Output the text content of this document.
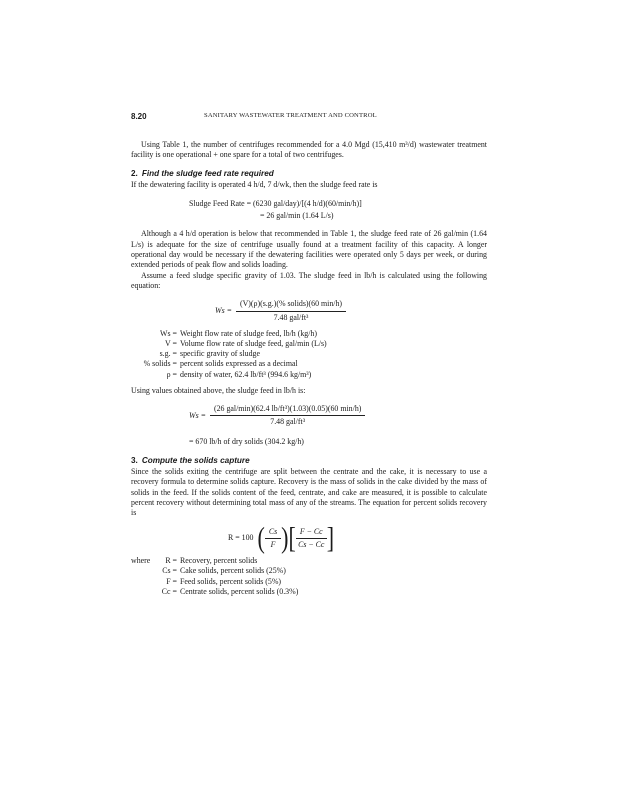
8.20	SANITARY WASTEWATER TREATMENT AND CONTROL

Using Table 1, the number of centrifuges recommended for a 4.0 Mgd (15,410 m³/d) wastewater treatment facility is one operational + one spare for a total of two centrifuges.

2. Find the sludge feed rate required

If the dewatering facility is operated 4 h/d, 7 d/wk, then the sludge feed rate is

Sludge Feed Rate = (6230 gal/day)/[(4 h/d)(60/min/h)]
= 26 gal/min (1.64 L/s)

Although a 4 h/d operation is below that recommended in Table 1, the sludge feed rate of 26 gal/min (1.64 L/s) is adequate for the size of centrifuge usually found at a treatment facility of this capacity. A longer operational day would be necessary if the dewatering facilities were operated only 5 days per week, or during extended periods of peak flow and solids loading.

Assume a feed sludge specific gravity of 1.03. The sludge feed in lb/h is calculated using the following equation:

$Ws = \frac{\text{(V)(ρ)(s.g.)(\% solids)(60 min/h)}}{\text{7.48 gal/ft³}}$
Ws = Weight flow rate of sludge feed, lb/h (kg/h)
V = Volume flow rate of sludge feed, gal/min (L/s)
s.g. = specific gravity of sludge
% solids = percent solids expressed as a decimal
ρ = density of water, 62.4 lb/ft³ (994.6 kg/m³)

Using values obtained above, the sludge feed in lb/h is:

$Ws = \frac{\text{(26 gal/min)(62.4 lb/ft³)(1.03)(0.05)(60 min/h)}}{\text{7.48 gal/ft³}}$
= 670 lb/h of dry solids (304.2 kg/h)
3. Compute the solids capture

Since the solids exiting the centrifuge are split between the centrate and the cake, it is necessary to use a recovery formula to determine solids capture. Recovery is the mass of solids in the cake divided by the mass of solids in the feed. If the solids content of the feed, centrate, and cake are measured, it is possible to calculate percent recovery without determining total mass of any of the streams. The equation for percent solids recovery is

R = 100 ( $\frac{Cs}{F}$ ) [ $\frac{F - Cc}{Cs - Cc}$ ]
where	R = Recovery, percent solids
Cs = Cake solids, percent solids (25%)
F = Feed solids, percent solids (5%)
Cc = Centrate solids, percent solids (0.3%)
